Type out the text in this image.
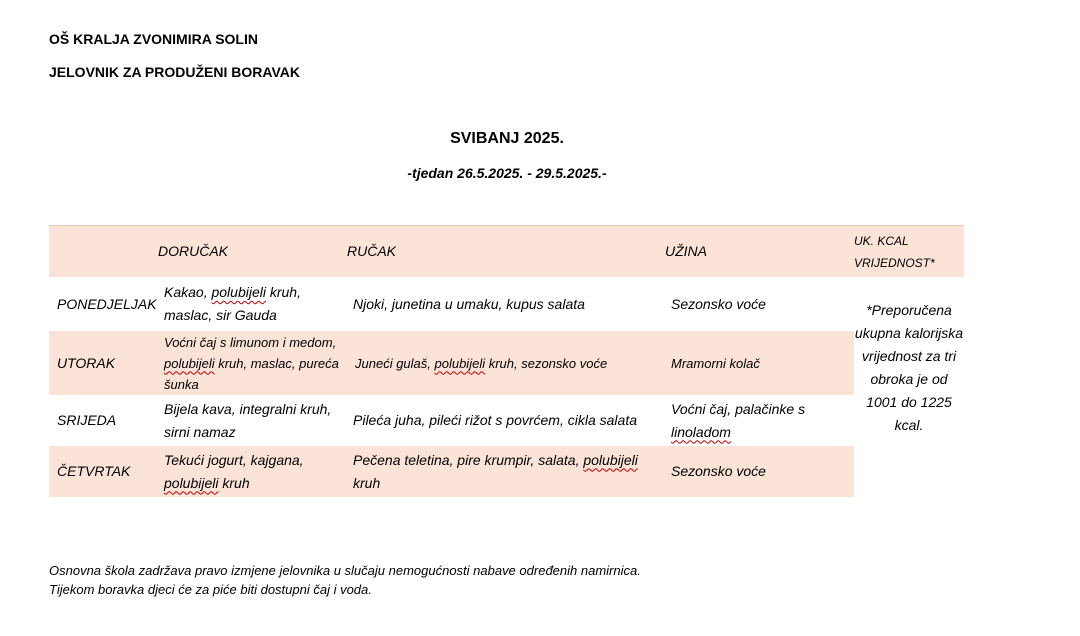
OŠ KRALJA ZVONIMIRA SOLIN
JELOVNIK ZA PRODUŽENI BORAVAK
SVIBANJ 2025.
-tjedan 26.5.2025. - 29.5.2025.-
	DORUČAK	RUČAK	UŽINA	UK. KCAL
VRIJEDNOST*
PONEDJELJAK	Kakao, polubijeli kruh, maslac, sir Gauda	Njoki, junetina u umaku, kupus salata	Sezonsko voće	*Preporučena ukupna kalorijska vrijednost za tri obroka je od 1001 do 1225 kcal.
UTORAK	Voćni čaj s limunom i medom, polubijeli kruh, maslac, pureća šunka	Juneći gulaš, polubijeli kruh, sezonsko voće	Mramorni kolač	
SRIJEDA	Bijela kava, integralni kruh, sirni namaz	Pileća juha, pileći rižot s povrćem, cikla salata	Voćni čaj, palačinke s linoladom	
ČETVRTAK	Tekući jogurt, kajgana, polubijeli kruh	Pečena teletina, pire krumpir, salata, polubijeli kruh	Sezonsko voće	
Osnovna škola zadržava pravo izmjene jelovnika u slučaju nemogućnosti nabave određenih namirnica.
Tijekom boravka djeci će za piće biti dostupni čaj i voda.
